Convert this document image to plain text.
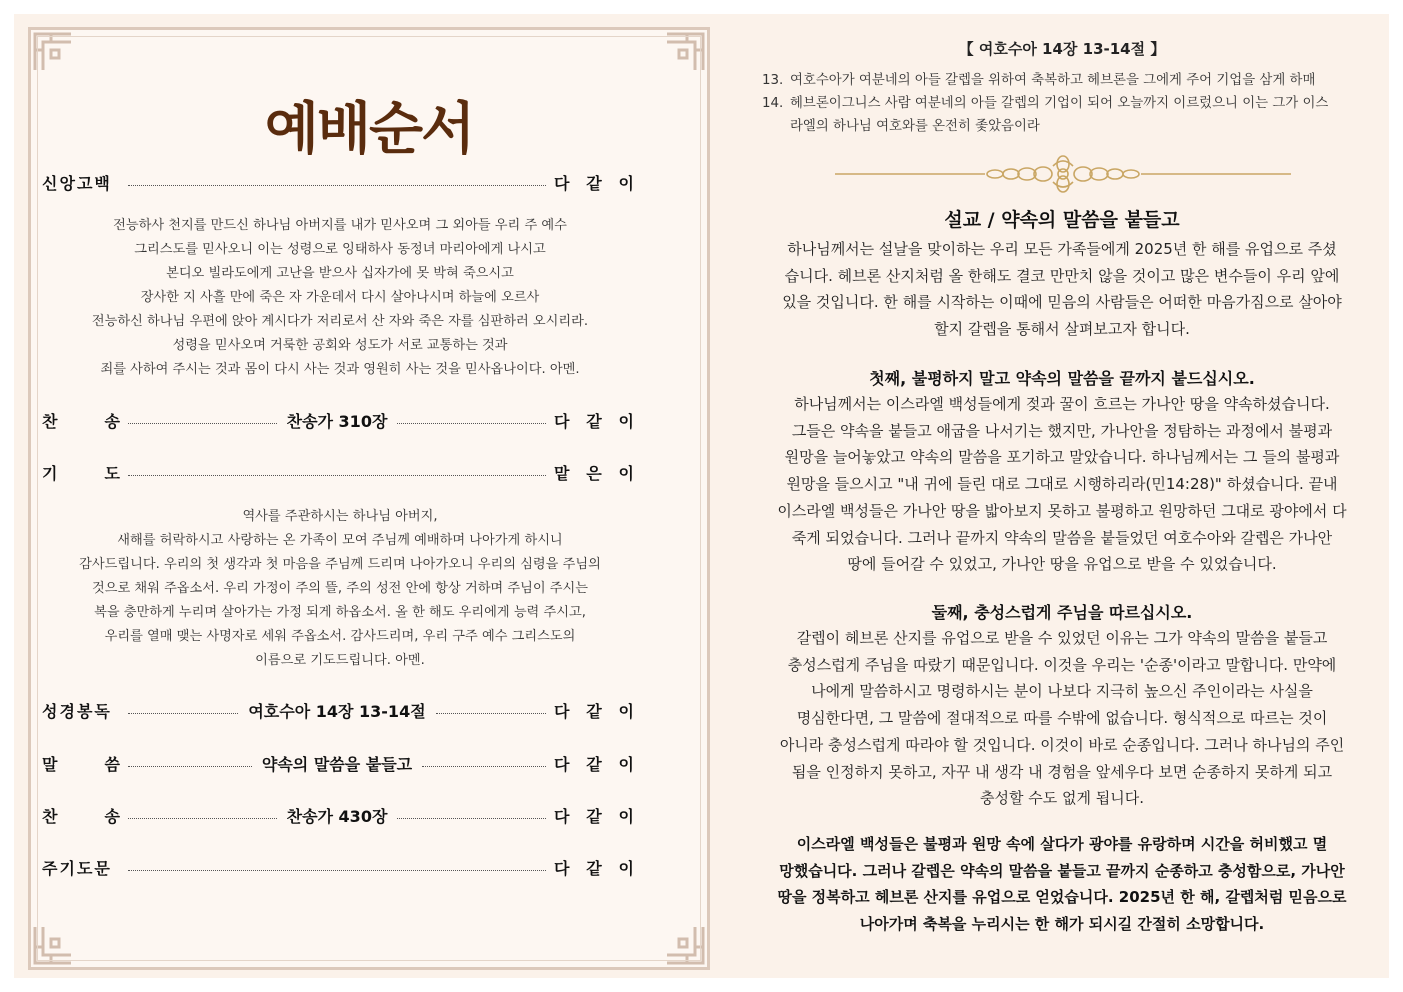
예배순서
신앙고백	다 같 이
전능하사 천지를 만드신 하나님 아버지를 내가 믿사오며 그 외아들 우리 주 예수
그리스도를 믿사오니 이는 성령으로 잉태하사 동정녀 마리아에게 나시고
본디오 빌라도에게 고난을 받으사 십자가에 못 박혀 죽으시고
장사한 지 사흘 만에 죽은 자 가운데서 다시 살아나시며 하늘에 오르사
전능하신 하나님 우편에 앉아 계시다가 저리로서 산 자와 죽은 자를 심판하러 오시리라.
성령을 믿사오며 거룩한 공회와 성도가 서로 교통하는 것과
죄를 사하여 주시는 것과 몸이 다시 사는 것과 영원히 사는 것을 믿사옵나이다. 아멘.
찬	송	찬송가 310장	다 같 이
기	도	맡 은 이
역사를 주관하시는 하나님 아버지,
새해를 허락하시고 사랑하는 온 가족이 모여 주님께 예배하며 나아가게 하시니
감사드립니다. 우리의 첫 생각과 첫 마음을 주님께 드리며 나아가오니 우리의 심령을 주님의
것으로 채워 주옵소서. 우리 가정이 주의 뜰, 주의 성전 안에 항상 거하며 주님이 주시는
복을 충만하게 누리며 살아가는 가정 되게 하옵소서. 올 한 해도 우리에게 능력 주시고,
우리를 열매 맺는 사명자로 세워 주옵소서. 감사드리며, 우리 구주 예수 그리스도의
이름으로 기도드립니다. 아멘.
성경봉독	여호수아 14장 13-14절	다 같 이
말	씀	약속의 말씀을 붙들고	다 같 이
찬	송	찬송가 430장	다 같 이
주기도문	다 같 이
【 여호수아 14장 13-14절 】
13. 여호수아가 여분네의 아들 갈렙을 위하여 축복하고 헤브론을 그에게 주어 기업을 삼게 하매
14. 헤브론이그니스 사람 여분네의 아들 갈렙의 기업이 되어 오늘까지 이르렀으니 이는 그가 이스
라엘의 하나님 여호와를 온전히 좇았음이라
설교 / 약속의 말씀을 붙들고
하나님께서는 설날을 맞이하는 우리 모든 가족들에게 2025년 한 해를 유업으로 주셨
습니다. 헤브론 산지처럼 올 한해도 결코 만만치 않을 것이고 많은 변수들이 우리 앞에
있을 것입니다. 한 해를 시작하는 이때에 믿음의 사람들은 어떠한 마음가짐으로 살아야
할지 갈렙을 통해서 살펴보고자 합니다.
첫째, 불평하지 말고 약속의 말씀을 끝까지 붙드십시오.
하나님께서는 이스라엘 백성들에게 젖과 꿀이 흐르는 가나안 땅을 약속하셨습니다.
그들은 약속을 붙들고 애굽을 나서기는 했지만, 가나안을 정탐하는 과정에서 불평과
원망을 늘어놓았고 약속의 말씀을 포기하고 말았습니다. 하나님께서는 그 들의 불평과
원망을 들으시고 "내 귀에 들린 대로 그대로 시행하리라(민14:28)" 하셨습니다. 끝내
이스라엘 백성들은 가나안 땅을 밟아보지 못하고 불평하고 원망하던 그대로 광야에서 다
죽게 되었습니다. 그러나 끝까지 약속의 말씀을 붙들었던 여호수아와 갈렙은 가나안
땅에 들어갈 수 있었고, 가나안 땅을 유업으로 받을 수 있었습니다.
둘째, 충성스럽게 주님을 따르십시오.
갈렙이 헤브론 산지를 유업으로 받을 수 있었던 이유는 그가 약속의 말씀을 붙들고
충성스럽게 주님을 따랐기 때문입니다. 이것을 우리는 '순종'이라고 말합니다. 만약에
나에게 말씀하시고 명령하시는 분이 나보다 지극히 높으신 주인이라는 사실을
명심한다면, 그 말씀에 절대적으로 따를 수밖에 없습니다. 형식적으로 따르는 것이
아니라 충성스럽게 따라야 할 것입니다. 이것이 바로 순종입니다. 그러나 하나님의 주인
됨을 인정하지 못하고, 자꾸 내 생각 내 경험을 앞세우다 보면 순종하지 못하게 되고
충성할 수도 없게 됩니다.
이스라엘 백성들은 불평과 원망 속에 살다가 광야를 유랑하며 시간을 허비했고 멸
망했습니다. 그러나 갈렙은 약속의 말씀을 붙들고 끝까지 순종하고 충성함으로, 가나안
땅을 정복하고 헤브론 산지를 유업으로 얻었습니다. 2025년 한 해, 갈렙처럼 믿음으로
나아가며 축복을 누리시는 한 해가 되시길 간절히 소망합니다.
